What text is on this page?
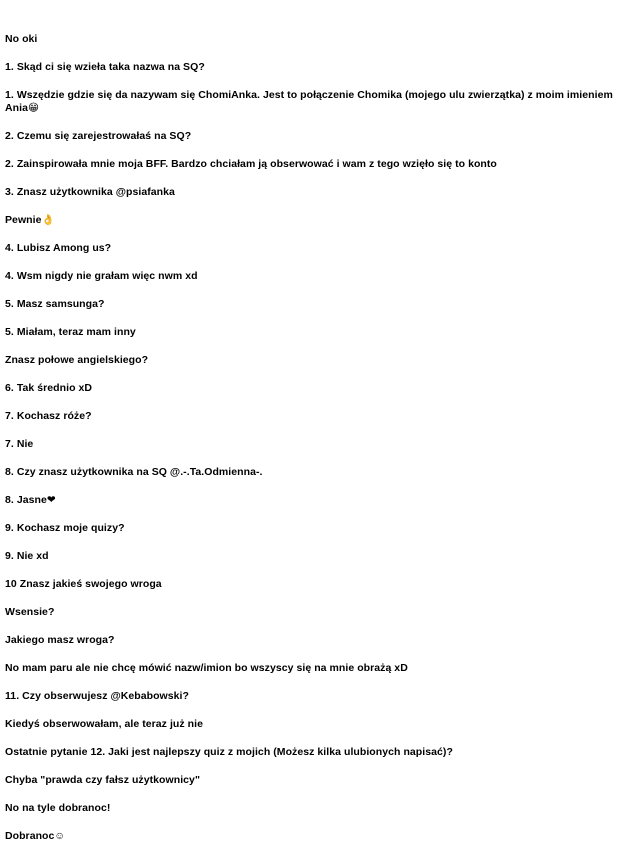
No oki

1. Skąd ci się wzieła taka nazwa na SQ?

1. Wszędzie gdzie się da nazywam się ChomiAnka. Jest to połączenie Chomika (mojego ulu zwierzątka) z moim imieniem Ania😁

2. Czemu się zarejestrowałaś na SQ?

2. Zainspirowała mnie moja BFF. Bardzo chciałam ją obserwować i wam z tego wzięło się to konto

3. Znasz użytkownika @psiafanka

Pewnie👌

4. Lubisz Among us?

4. Wsm nigdy nie grałam więc nwm xd

5. Masz samsunga?

5. Miałam, teraz mam inny

Znasz połowe angielskiego?

6. Tak średnio xD

7. Kochasz róże?

7. Nie

8. Czy znasz użytkownika na SQ @.-.Ta.Odmienna-.

8. Jasne❤

9. Kochasz moje quizy?

9. Nie xd

10 Znasz jakieś swojego wroga

Wsensie?

Jakiego masz wroga?

No mam paru ale nie chcę mówić nazw/imion bo wszyscy się na mnie obrażą xD

11. Czy obserwujesz @Kebabowski?

Kiedyś obserwowałam, ale teraz już nie

Ostatnie pytanie 12. Jaki jest najlepszy quiz z mojich (Możesz kilka ulubionych napisać)?

Chyba "prawda czy fałsz użytkownicy"

No na tyle dobranoc!

Dobranoc☺
